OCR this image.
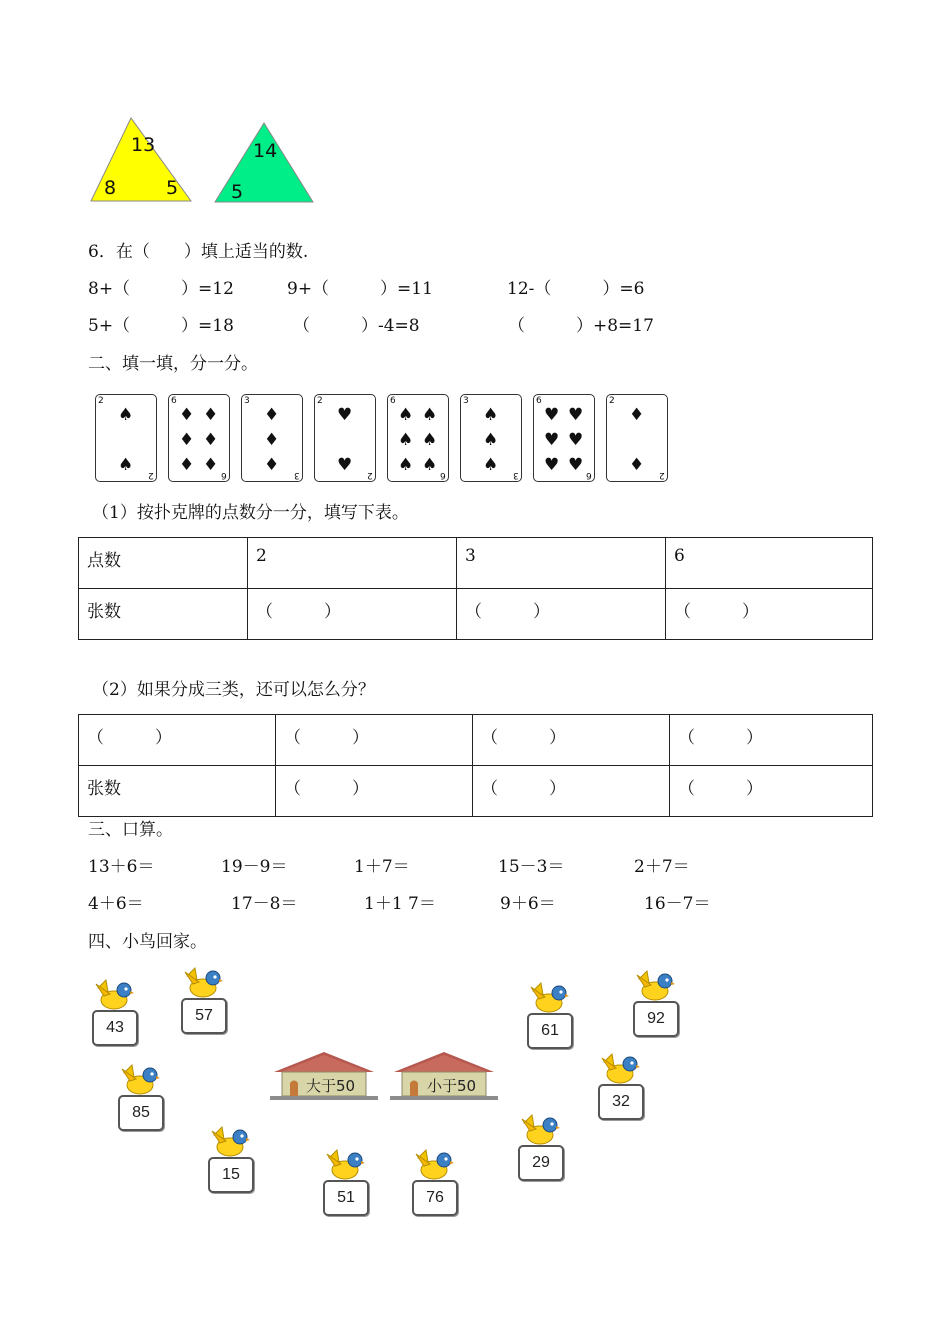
13
8	5
14
5
6．在（　　）填上适当的数.
8+（　　　）=12	9+（　　　）=11	12-（　　　）=6
5+（　　　）=18	（　　　）-4=8	（　　　）+8=17
二、填一填，分一分。
2
2
♠
♠
6
6
♦ ♦
♦ ♦
♦ ♦
3
3
♦
♦
♦
2
2
♥
♥
6
6
♠ ♠
♠ ♠
♠ ♠
3
3
♠
♠
♠
6
6
♥ ♥
♥ ♥
♥ ♥
2
2
♦
♦
（1）按扑克牌的点数分一分，填写下表。
点数	2	3	6
张数	（　　　）	（　　　）	（　　　）
（2）如果分成三类，还可以怎么分？
（　　　）	（　　　）	（　　　）	（　　　）
张数	（　　　）	（　　　）	（　　　）
三、口算。
13＋6＝	19－9＝	1＋7＝	15－3＝	2＋7＝
4＋6＝	17－8＝	1＋1 7＝	9＋6＝	16－7＝
四、小鸟回家。
大于50	小于50
43
57
85
15
51	76
61
92
32
29
